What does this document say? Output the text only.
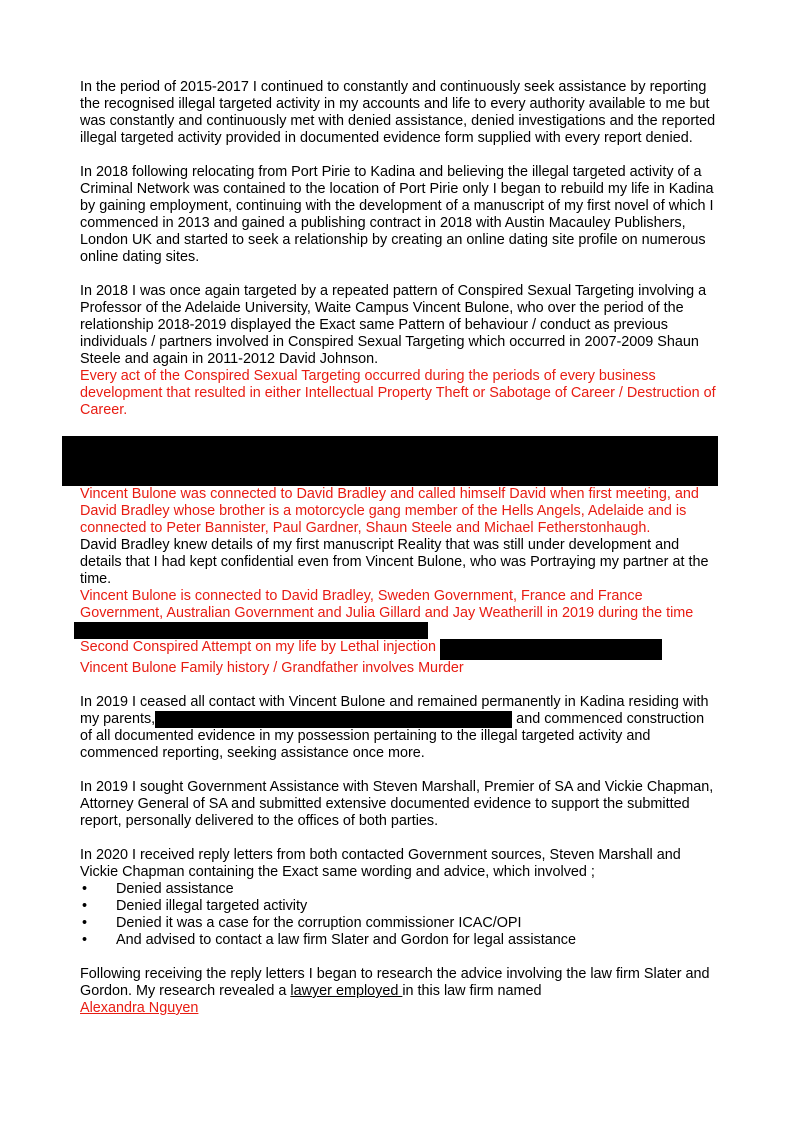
In the period of 2015-2017 I continued to constantly and continuously seek assistance by reporting the recognised illegal targeted activity in my accounts and life to every authority available to me but was constantly and continuously met with denied assistance, denied investigations and the reported illegal targeted activity provided in documented evidence form supplied with every report denied.

In 2018 following relocating from Port Pirie to Kadina and believing the illegal targeted activity of a Criminal Network was contained to the location of Port Pirie only I began to rebuild my life in Kadina by gaining employment, continuing with the development of a manuscript of my first novel of which I commenced in 2013 and gained a publishing contract in 2018 with Austin Macauley Publishers, London UK and started to seek a relationship by creating an online dating site profile on numerous online dating sites.

In 2018 I was once again targeted by a repeated pattern of Conspired Sexual Targeting involving a Professor of the Adelaide University, Waite Campus Vincent Bulone, who over the period of the relationship 2018-2019 displayed the Exact same Pattern of behaviour / conduct as previous individuals / partners involved in Conspired Sexual Targeting which occurred in 2007-2009 Shaun Steele and again in 2011-2012 David Johnson.

Every act of the Conspired Sexual Targeting occurred during the periods of every business development that resulted in either Intellectual Property Theft or Sabotage of Career / Destruction of Career.

Vincent Bulone was connected to David Bradley and called himself David when first meeting, and David Bradley whose brother is a motorcycle gang member of the Hells Angels, Adelaide and is connected to Peter Bannister, Paul Gardner, Shaun Steele and Michael Fetherstonhaugh.

David Bradley knew details of my first manuscript Reality that was still under development and details that I had kept confidential even from Vincent Bulone, who was Portraying my partner at the time.

Vincent Bulone is connected to David Bradley, Sweden Government, France and France Government, Australian Government and Julia Gillard and Jay Weatherill in 2019 during the time

Second Conspired Attempt on my life by Lethal injection

Vincent Bulone Family history / Grandfather involves Murder

In 2019 I ceased all contact with Vincent Bulone and remained permanently in Kadina residing with my parents,	and commenced construction of all documented evidence in my possession pertaining to the illegal targeted activity and commenced reporting, seeking assistance once more.

In 2019 I sought Government Assistance with Steven Marshall, Premier of SA and Vickie Chapman, Attorney General of SA and submitted extensive documented evidence to support the submitted report, personally delivered to the offices of both parties.

In 2020 I received reply letters from both contacted Government sources, Steven Marshall and Vickie Chapman containing the Exact same wording and advice, which involved ;

• Denied assistance
• Denied illegal targeted activity
• Denied it was a case for the corruption commissioner ICAC/OPI
• And advised to contact a law firm Slater and Gordon for legal assistance

Following receiving the reply letters I began to research the advice involving the law firm Slater and Gordon. My research revealed a lawyer employed in this law firm named

Alexandra Nguyen
